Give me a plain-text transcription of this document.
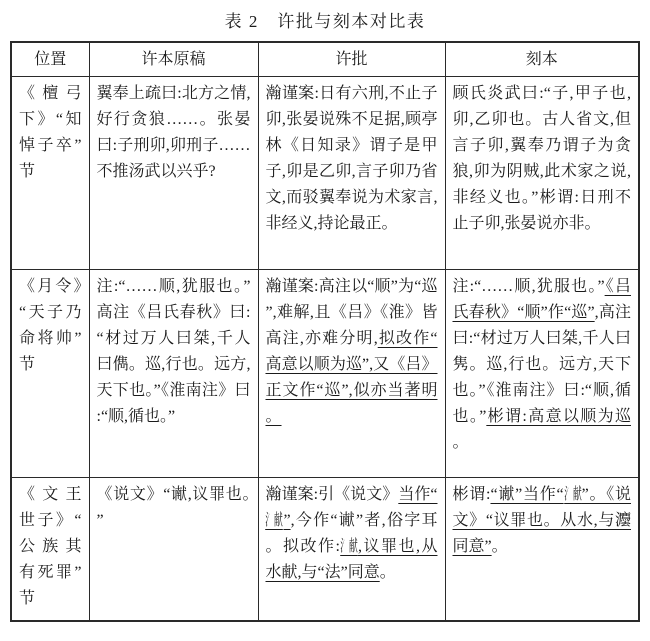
表 2　许批与刻本对比表
位置	许本原稿	许批	刻本
《檀弓下》“知悼子卒”节	翼奉上疏曰:北方之情,好行贪狼……。张晏曰:子刑卯,卯刑子……不推汤武以兴乎?	瀚谨案:日有六刑,不止子卯,张晏说殊不足据,顾亭林《日知录》谓子是甲子,卯是乙卯,言子卯乃省文,而驳翼奉说为术家言,非经义,持论最正。	顾氏炎武曰:“子,甲子也,卯,乙卯也。古人省文,但言子卯,翼奉乃谓子为贪狼,卯为阴贼,此术家之说,非经义也。”彬谓:日刑不止子卯,张晏说亦非。
《月令》“天子乃命将帅”节	注:“……顺,犹服也。”高注《吕氏春秋》曰:“材过万人曰桀,千人曰儁。巡,行也。远方,天下也。”《淮南注》曰:“顺,循也。”	瀚谨案:高注以“顺”为“巡”,难解,且《吕》《淮》皆高注,亦难分明,拟改作“高意以顺为巡”,又《吕》正文作“巡”,似亦当著明。	注:“……顺,犹服也。”《吕氏春秋》“顺”作“巡”,高注曰:“材过万人曰桀,千人曰隽。巡,行也。远方,天下也。”《淮南注》曰:“顺,循也。”彬谓:高意以顺为巡。
《文王世子》“公族其有死罪”节	《说文》“谳,议罪也。”	瀚谨案:引《说文》当作“氵献”,今作“谳”者,俗字耳。拟改作:氵献,议罪也,从水献,与“法”同意。	彬谓:“谳”当作“氵献”。《说文》“议罪也。从水,与灋同意”。
